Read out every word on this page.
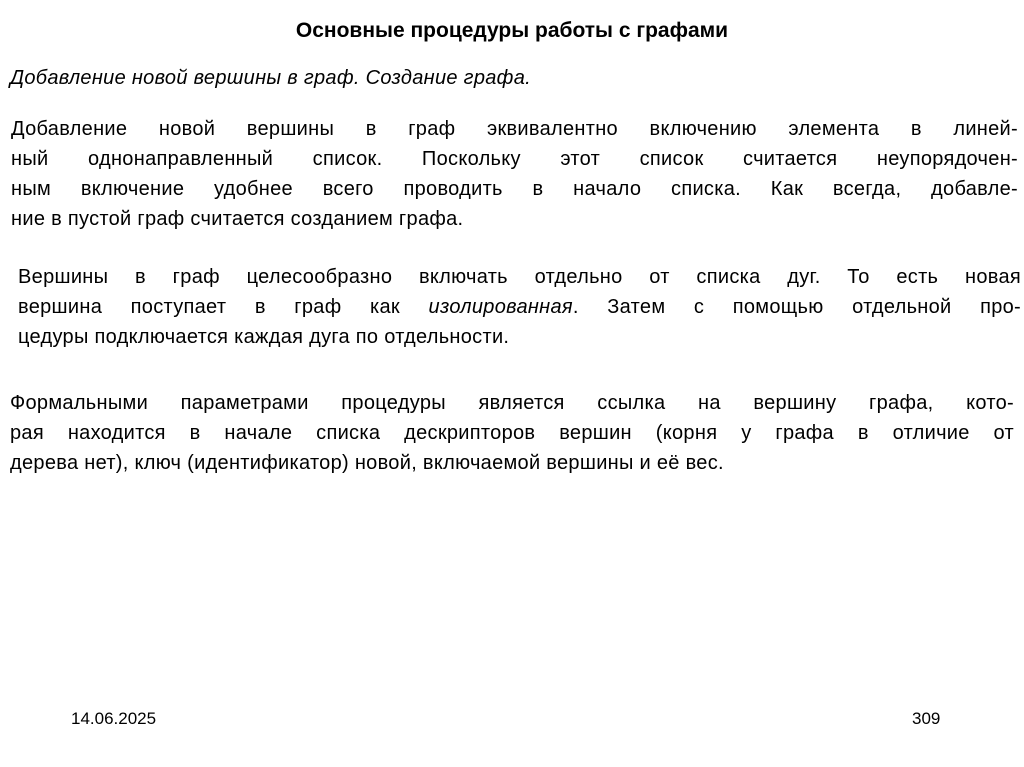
Основные процедуры работы с графами
Добавление новой вершины в граф. Создание графа.
Добавление новой вершины в граф эквивалентно включению элемента в линей-
ный однонаправленный список. Поскольку этот список считается неупорядочен-
ным включение удобнее всего проводить в начало списка. Как всегда, добавле-
ние в пустой граф считается созданием графа.
Вершины в граф целесообразно включать отдельно от списка дуг. То есть новая
вершина поступает в граф как изолированная. Затем с помощью отдельной про-
цедуры подключается каждая дуга по отдельности.
Формальными параметрами процедуры является ссылка на вершину графа, кото-
рая находится в начале списка дескрипторов вершин (корня у графа в отличие от
дерева нет), ключ (идентификатор) новой, включаемой вершины и её вес.
14.06.2025	309
